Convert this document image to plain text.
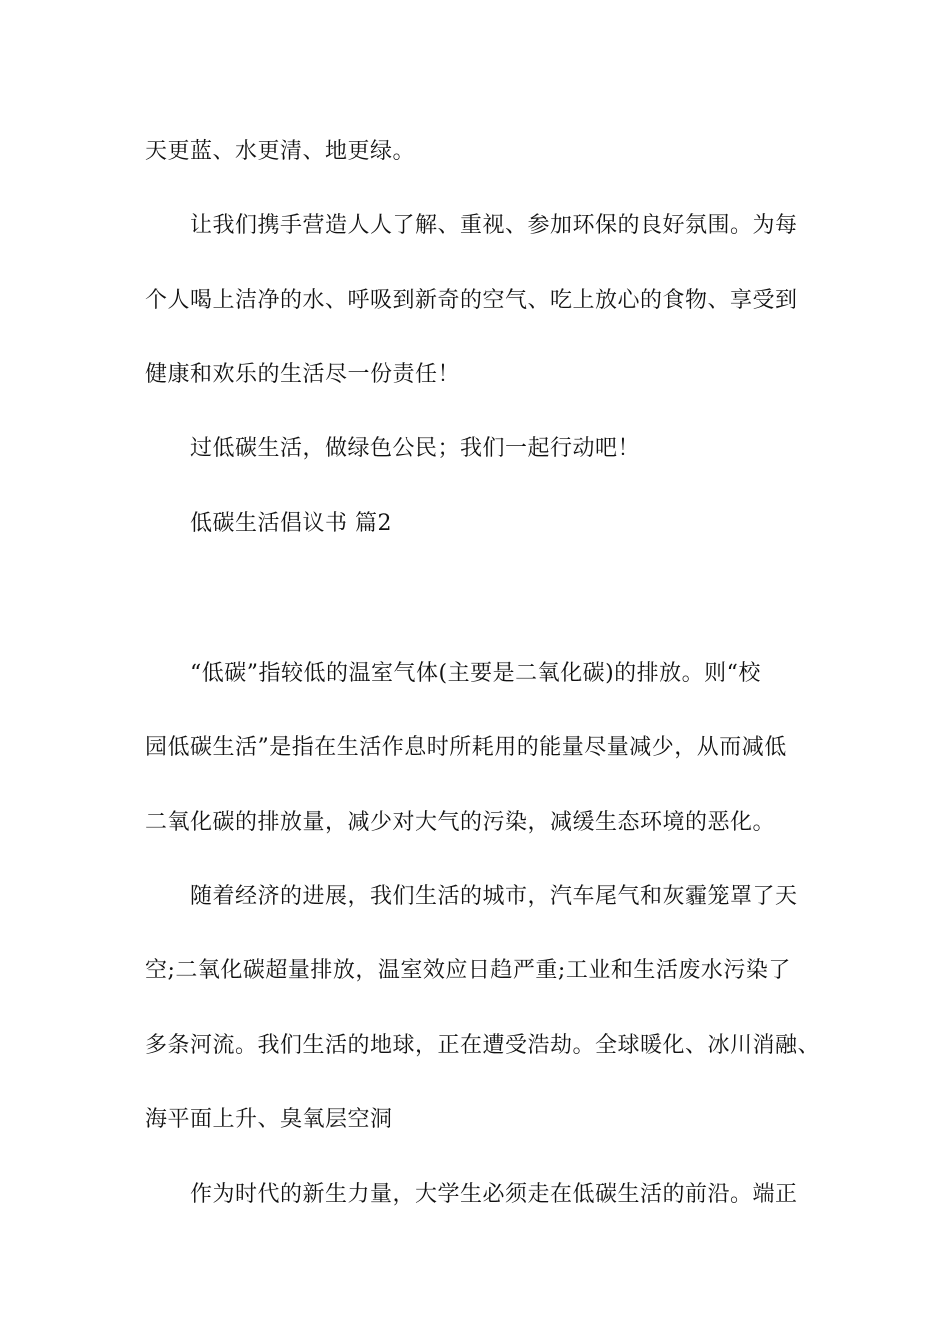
天更蓝、水更清、地更绿。
让我们携手营造人人了解、重视、参加环保的良好氛围。为每
个人喝上洁净的水、呼吸到新奇的空气、吃上放心的食物、享受到
健康和欢乐的生活尽一份责任！
过低碳生活，做绿色公民；我们一起行动吧！
低碳生活倡议书 篇2
“低碳”指较低的温室气体(主要是二氧化碳)的排放。则“校
园低碳生活”是指在生活作息时所耗用的能量尽量减少，从而减低
二氧化碳的排放量，减少对大气的污染，减缓生态环境的恶化。
随着经济的进展，我们生活的城市，汽车尾气和灰霾笼罩了天
空;二氧化碳超量排放，温室效应日趋严重;工业和生活废水污染了
多条河流。我们生活的地球，正在遭受浩劫。全球暖化、冰川消融、
海平面上升、臭氧层空洞
作为时代的新生力量，大学生必须走在低碳生活的前沿。端正
